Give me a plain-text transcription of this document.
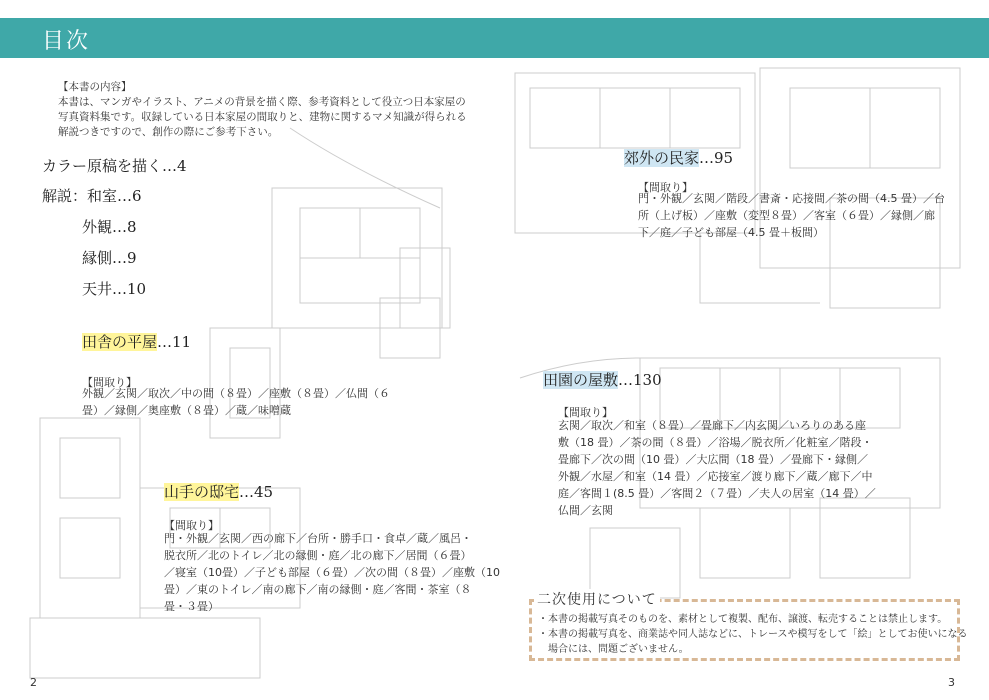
目次
【本書の内容】
本書は、マンガやイラスト、アニメの背景を描く際、参考資料として役立つ日本家屋の
写真資料集です。収録している日本家屋の間取りと、建物に関するマメ知識が得られる
解説つきですので、創作の際にご参考下さい。
カラー原稿を描く…4
解説：和室…6
外観…8
縁側…9
天井…10
田舎の平屋…11
【間取り】
外観／玄関／取次／中の間（８畳）／座敷（８畳）／仏間（６
畳）／縁側／奥座敷（８畳）／蔵／味噌蔵
山手の邸宅…45
【間取り】
門・外観／玄関／西の廊下／台所・勝手口・食卓／蔵／風呂・
脱衣所／北のトイレ／北の縁側・庭／北の廊下／居間（６畳）
／寝室（10畳）／子ども部屋（６畳）／次の間（８畳）／座敷（10
畳）／東のトイレ／南の廊下／南の縁側・庭／客間・茶室（８
畳・３畳）
郊外の民家…95
【間取り】
門・外観／玄関／階段／書斎・応接間／茶の間（4.5 畳）／台
所（上げ板）／座敷（変型８畳）／客室（６畳）／縁側／廊
下／庭／子ども部屋（4.5 畳＋板間）
田園の屋敷…130
【間取り】
玄関／取次／和室（８畳）／畳廊下／内玄関／いろりのある座
敷（18 畳）／茶の間（８畳）／浴場／脱衣所／化粧室／階段・
畳廊下／次の間（10 畳）／大広間（18 畳）／畳廊下・縁側／
外観／水屋／和室（14 畳）／応接室／渡り廊下／蔵／廊下／中
庭／客間１(8.5 畳）／客間２（７畳）／夫人の居室（14 畳）／
仏間／玄関
二次使用について
・本書の掲載写真そのものを、素材として複製、配布、譲渡、転売することは禁止します。
・本書の掲載写真を、商業誌や同人誌などに、トレースや模写をして「絵」としてお使いになる
　場合には、問題ございません。
2	3
